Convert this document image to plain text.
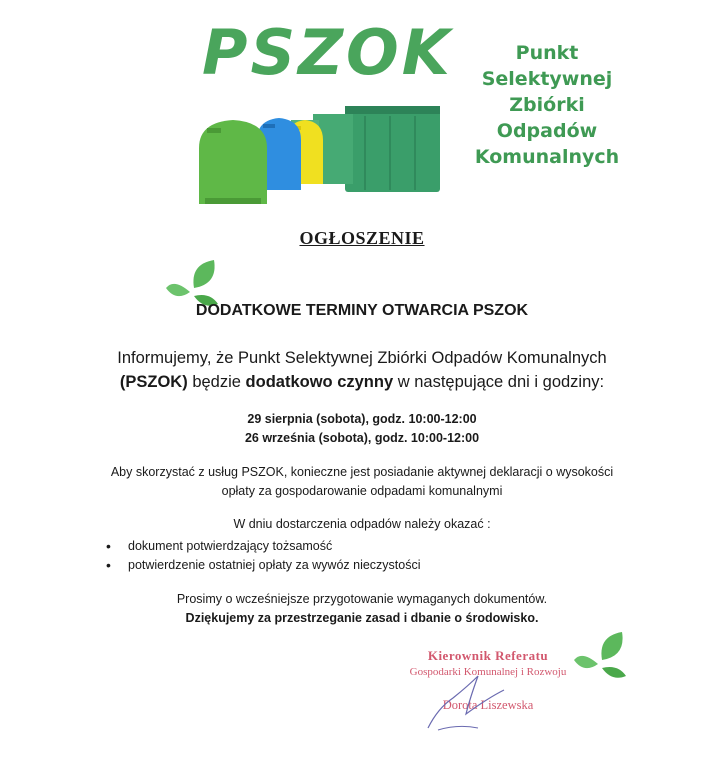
PSZOK	Punkt
Selektywnej
Zbiórki
Odpadów
Komunalnych
OGŁOSZENIE
DODATKOWE TERMINY OTWARCIA PSZOK
Informujemy, że Punkt Selektywnej Zbiórki Odpadów Komunalnych
(PSZOK) będzie dodatkowo czynny w następujące dni i godziny:
29 sierpnia (sobota), godz. 10:00-12:00
26 września (sobota), godz. 10:00-12:00
Aby skorzystać z usług PSZOK, konieczne jest posiadanie aktywnej deklaracji o wysokości
opłaty za gospodarowanie odpadami komunalnymi
W dniu dostarczenia odpadów należy okazać :
• dokument potwierdzający tożsamość
• potwierdzenie ostatniej opłaty za wywóz nieczystości
Prosimy o wcześniejsze przygotowanie wymaganych dokumentów.
Dziękujemy za przestrzeganie zasad i dbanie o środowisko.
Kierownik Referatu
Gospodarki Komunalnej i Rozwoju
Dorota Liszewska
